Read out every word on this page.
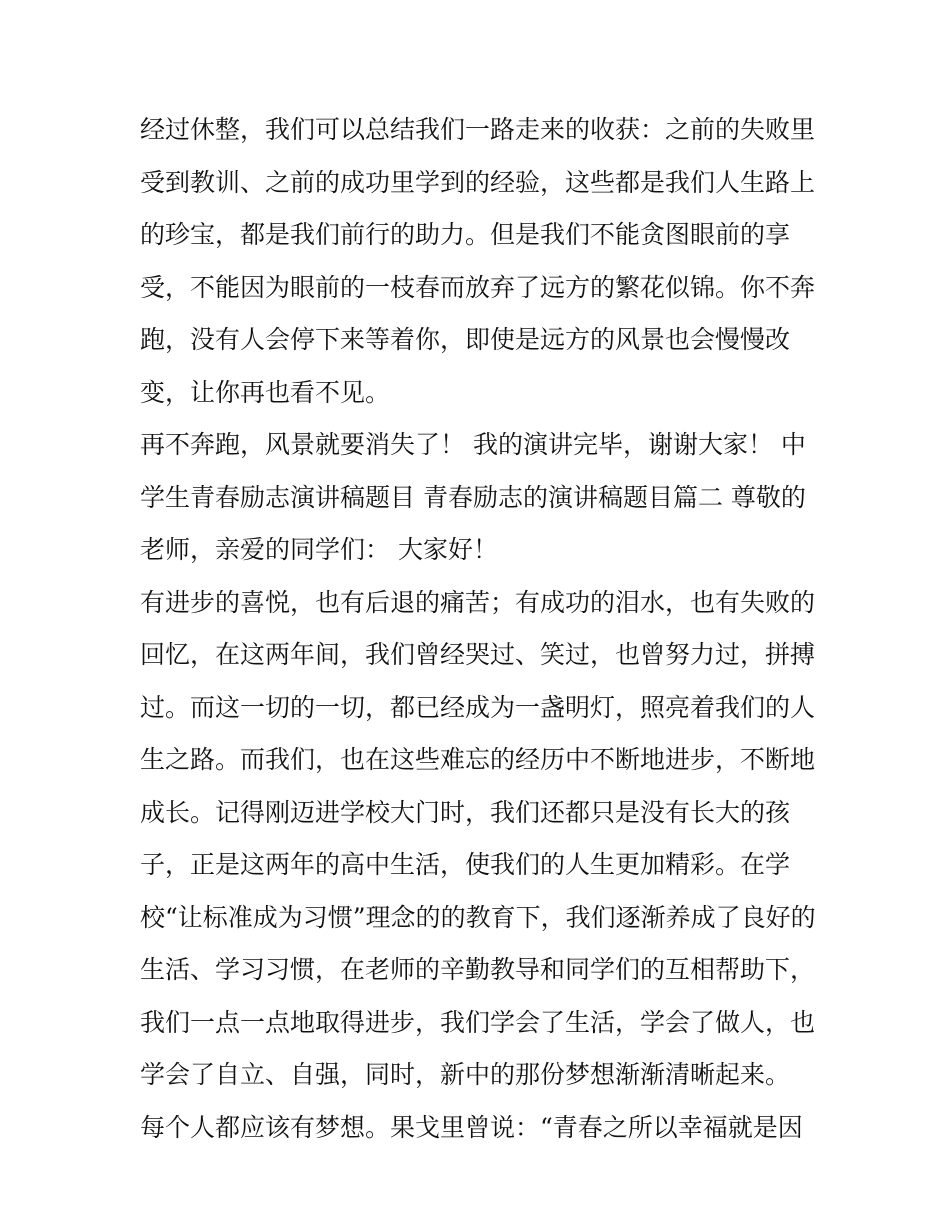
经过休整，我们可以总结我们一路走来的收获：之前的失败里
受到教训、之前的成功里学到的经验，这些都是我们人生路上
的珍宝，都是我们前行的助力。但是我们不能贪图眼前的享
受，不能因为眼前的一枝春而放弃了远方的繁花似锦。你不奔
跑，没有人会停下来等着你，即使是远方的风景也会慢慢改
变，让你再也看不见。
再不奔跑，风景就要消失了！ 我的演讲完毕，谢谢大家！ 中
学生青春励志演讲稿题目 青春励志的演讲稿题目篇二 尊敬的
老师，亲爱的同学们： 大家好！
有进步的喜悦，也有后退的痛苦；有成功的泪水，也有失败的
回忆，在这两年间，我们曾经哭过、笑过，也曾努力过，拼搏
过。而这一切的一切，都已经成为一盏明灯，照亮着我们的人
生之路。而我们，也在这些难忘的经历中不断地进步，不断地
成长。记得刚迈进学校大门时，我们还都只是没有长大的孩
子，正是这两年的高中生活，使我们的人生更加精彩。在学
校“让标准成为习惯”理念的的教育下，我们逐渐养成了良好的
生活、学习习惯，在老师的辛勤教导和同学们的互相帮助下，
我们一点一点地取得进步，我们学会了生活，学会了做人，也
学会了自立、自强，同时，新中的那份梦想渐渐清晰起来。
每个人都应该有梦想。果戈里曾说：“青春之所以幸福就是因
